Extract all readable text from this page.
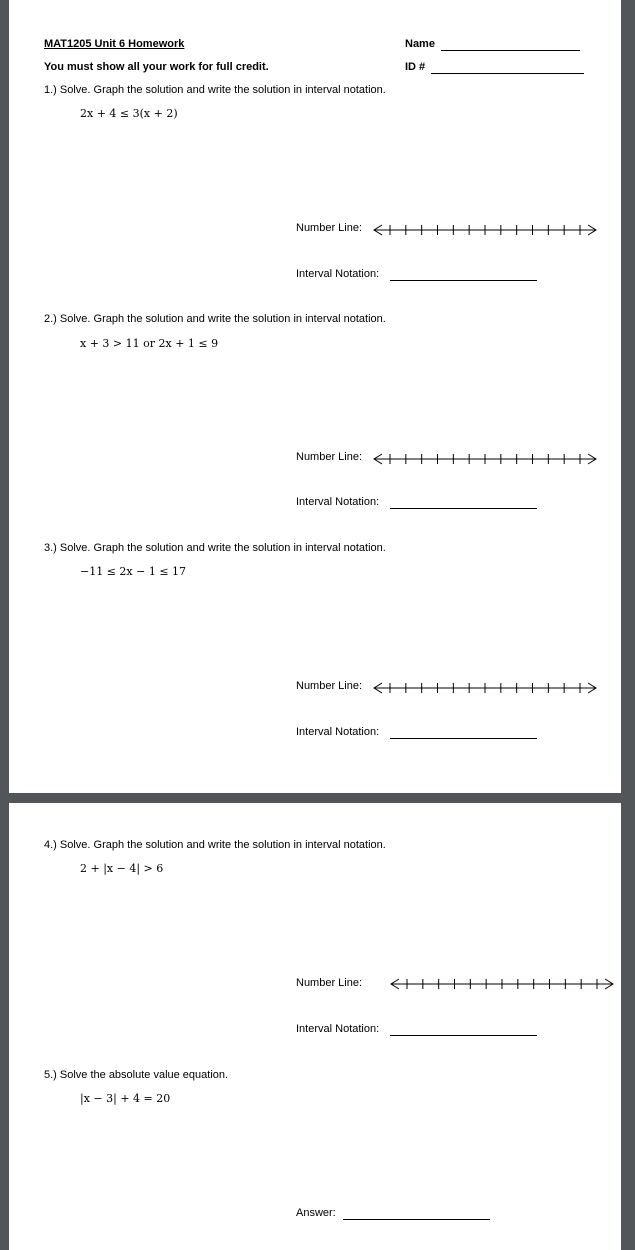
MAT1205 Unit 6 Homework	Name
You must show all your work for full credit.	ID #
1.) Solve. Graph the solution and write the solution in interval notation.
2x + 4 ≤ 3(x + 2)
Number Line:
Interval Notation:
2.) Solve. Graph the solution and write the solution in interval notation.
x + 3 > 11 or 2x + 1 ≤ 9
Number Line:
Interval Notation:
3.) Solve. Graph the solution and write the solution in interval notation.
−11 ≤ 2x − 1 ≤ 17
Number Line:
Interval Notation:
4.) Solve. Graph the solution and write the solution in interval notation.
2 + |x − 4| > 6
Number Line:
Interval Notation:
5.) Solve the absolute value equation.
|x − 3| + 4 = 20
Answer:
